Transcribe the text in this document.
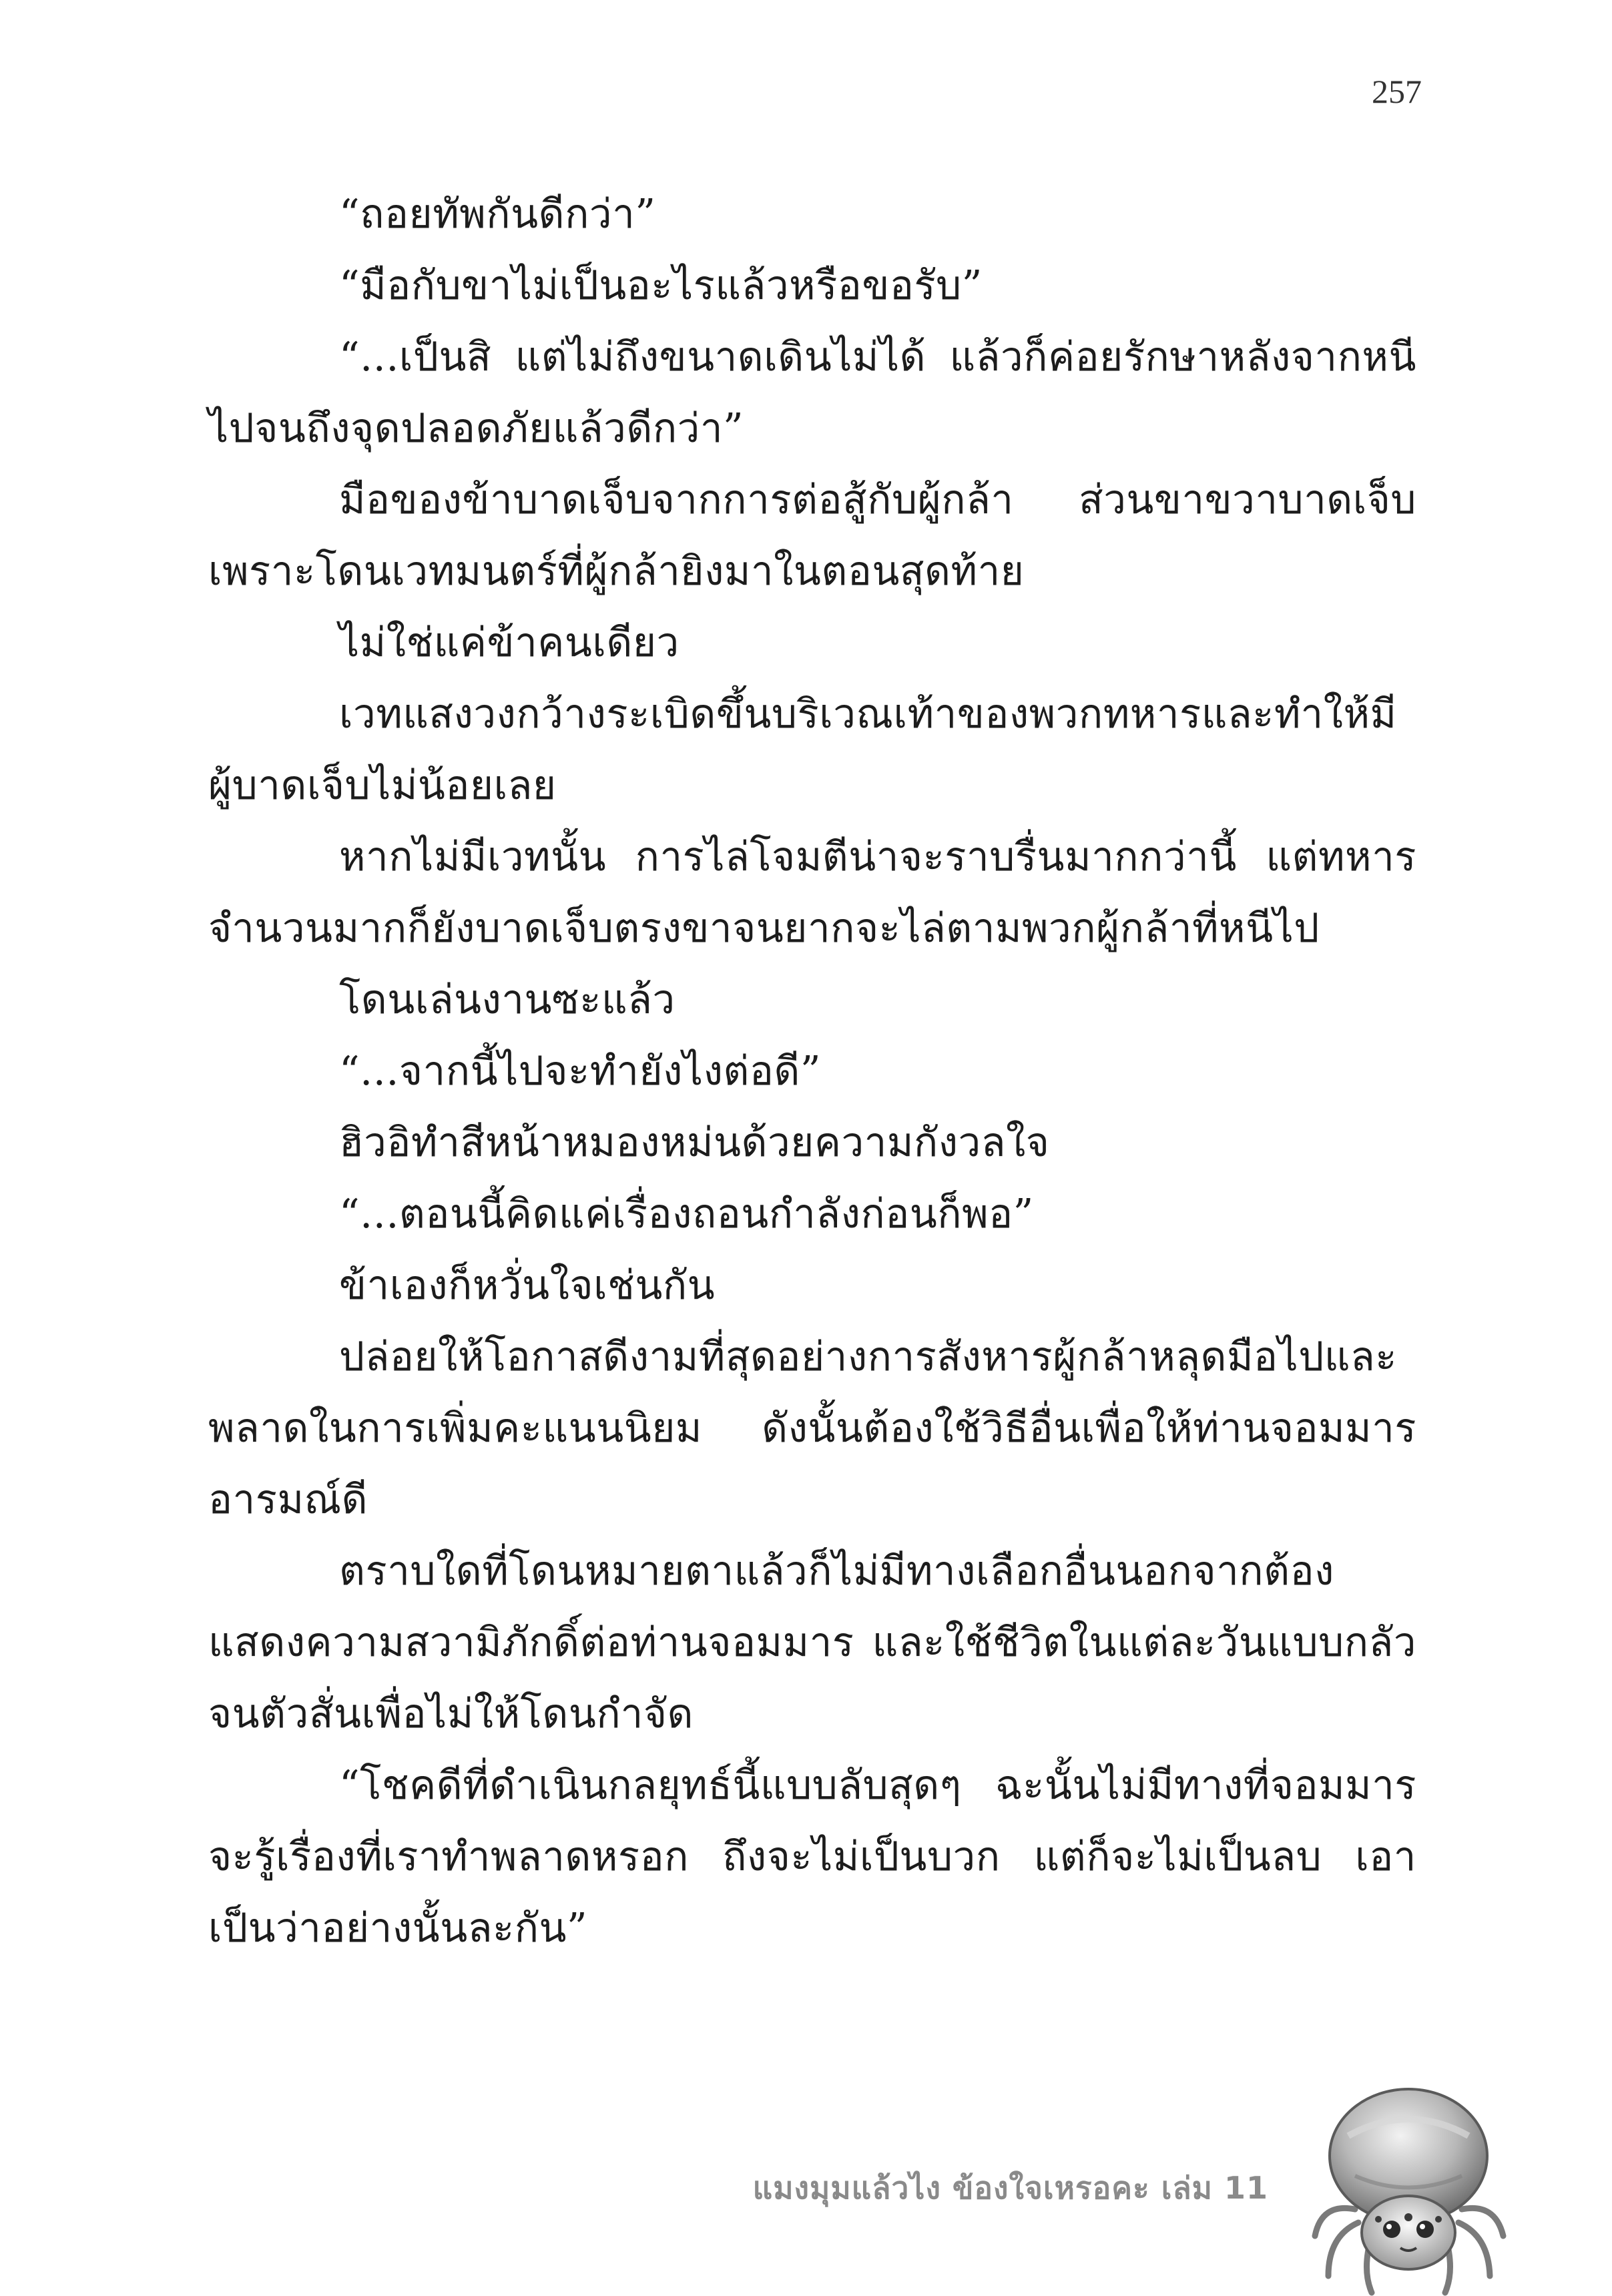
257

“ถอยทัพกันดีกว่า”

“มือกับขาไม่เป็นอะไรแล้วหรือขอรับ”

“...เป็นสิ แต่ไม่ถึงขนาดเดินไม่ได้ แล้วก็ค่อยรักษาหลังจากหนีไปจนถึงจุดปลอดภัยแล้วดีกว่า”

มือของข้าบาดเจ็บจากการต่อสู้กับผู้กล้า ส่วนขาขวาบาดเจ็บเพราะโดนเวทมนตร์ที่ผู้กล้ายิงมาในตอนสุดท้าย

ไม่ใช่แค่ข้าคนเดียว

เวทแสงวงกว้างระเบิดขึ้นบริเวณเท้าของพวกทหารและทำให้มีผู้บาดเจ็บไม่น้อยเลย

หากไม่มีเวทนั้น การไล่โจมตีน่าจะราบรื่นมากกว่านี้ แต่ทหารจำนวนมากก็ยังบาดเจ็บตรงขาจนยากจะไล่ตามพวกผู้กล้าที่หนีไป

โดนเล่นงานซะแล้ว

“...จากนี้ไปจะทำยังไงต่อดี”

ฮิวอิทำสีหน้าหมองหม่นด้วยความกังวลใจ

“...ตอนนี้คิดแค่เรื่องถอนกำลังก่อนก็พอ”

ข้าเองก็หวั่นใจเช่นกัน

ปล่อยให้โอกาสดีงามที่สุดอย่างการสังหารผู้กล้าหลุดมือไปและพลาดในการเพิ่มคะแนนนิยม ดังนั้นต้องใช้วิธีอื่นเพื่อให้ท่านจอมมารอารมณ์ดี

ตราบใดที่โดนหมายตาแล้วก็ไม่มีทางเลือกอื่นนอกจากต้องแสดงความสวามิภักดิ์ต่อท่านจอมมาร และใช้ชีวิตในแต่ละวันแบบกลัวจนตัวสั่นเพื่อไม่ให้โดนกำจัด

“โชคดีที่ดำเนินกลยุทธ์นี้แบบลับสุดๆ ฉะนั้นไม่มีทางที่จอมมารจะรู้เรื่องที่เราทำพลาดหรอก ถึงจะไม่เป็นบวก แต่ก็จะไม่เป็นลบ เอาเป็นว่าอย่างนั้นละกัน”

แมงมุมแล้วไง ข้องใจเหรอคะ เล่ม 11
